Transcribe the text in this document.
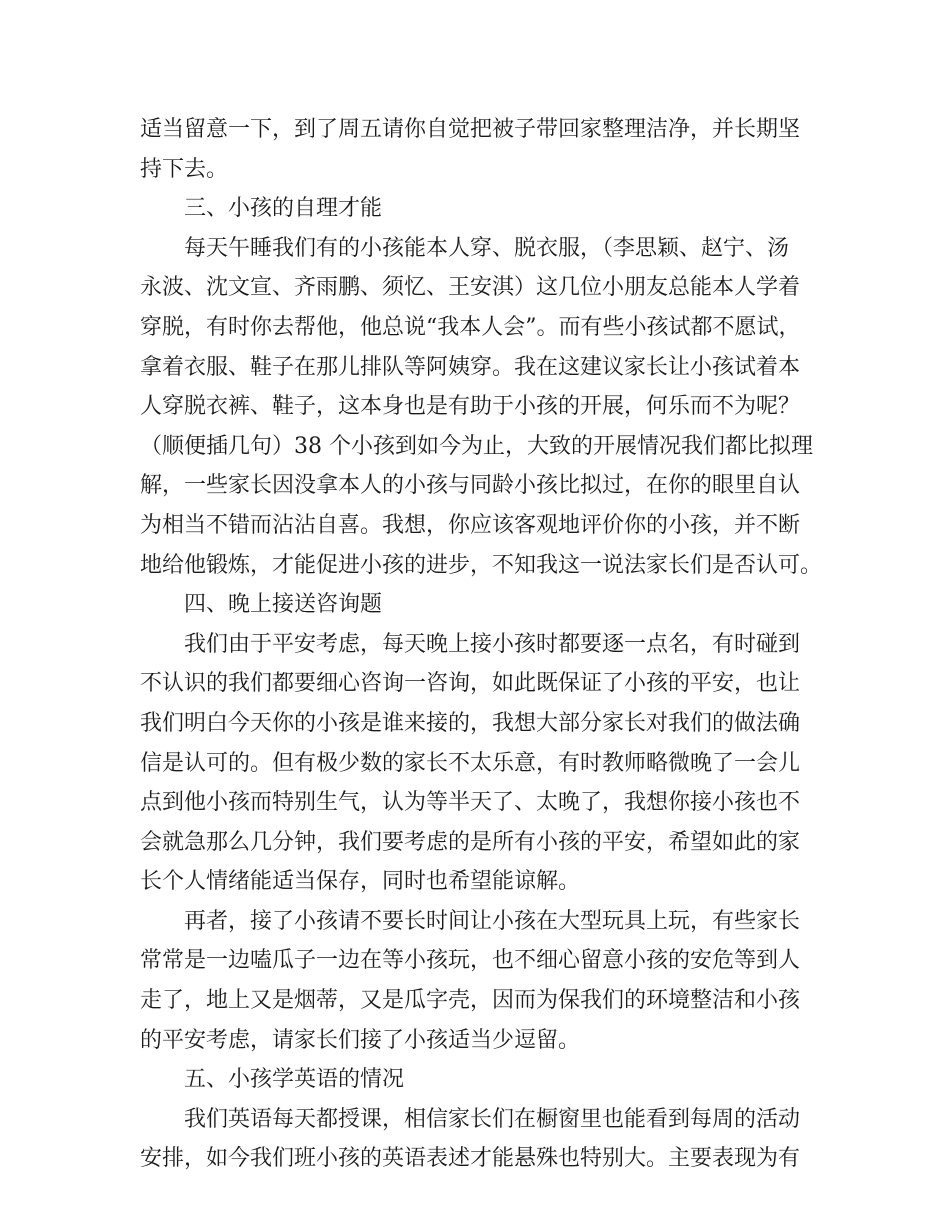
适当留意一下，到了周五请你自觉把被子带回家整理洁净，并长期坚
持下去。
三、小孩的自理才能
每天午睡我们有的小孩能本人穿、脱衣服，（李思颖、赵宁、汤
永波、沈文宣、齐雨鹏、须忆、王安淇）这几位小朋友总能本人学着
穿脱，有时你去帮他，他总说“我本人会”。而有些小孩试都不愿试，
拿着衣服、鞋子在那儿排队等阿姨穿。我在这建议家长让小孩试着本
人穿脱衣裤、鞋子，这本身也是有助于小孩的开展，何乐而不为呢？
（顺便插几句）38 个小孩到如今为止，大致的开展情况我们都比拟理
解，一些家长因没拿本人的小孩与同龄小孩比拟过，在你的眼里自认
为相当不错而沾沾自喜。我想，你应该客观地评价你的小孩，并不断
地给他锻炼，才能促进小孩的进步，不知我这一说法家长们是否认可。
四、晚上接送咨询题
我们由于平安考虑，每天晚上接小孩时都要逐一点名，有时碰到
不认识的我们都要细心咨询一咨询，如此既保证了小孩的平安，也让
我们明白今天你的小孩是谁来接的，我想大部分家长对我们的做法确
信是认可的。但有极少数的家长不太乐意，有时教师略微晚了一会儿
点到他小孩而特别生气，认为等半天了、太晚了，我想你接小孩也不
会就急那么几分钟，我们要考虑的是所有小孩的平安，希望如此的家
长个人情绪能适当保存，同时也希望能谅解。
再者，接了小孩请不要长时间让小孩在大型玩具上玩，有些家长
常常是一边嗑瓜子一边在等小孩玩，也不细心留意小孩的安危等到人
走了，地上又是烟蒂，又是瓜字壳，因而为保我们的环境整洁和小孩
的平安考虑，请家长们接了小孩适当少逗留。
五、小孩学英语的情况
我们英语每天都授课，相信家长们在橱窗里也能看到每周的活动
安排，如今我们班小孩的英语表述才能悬殊也特别大。主要表现为有
